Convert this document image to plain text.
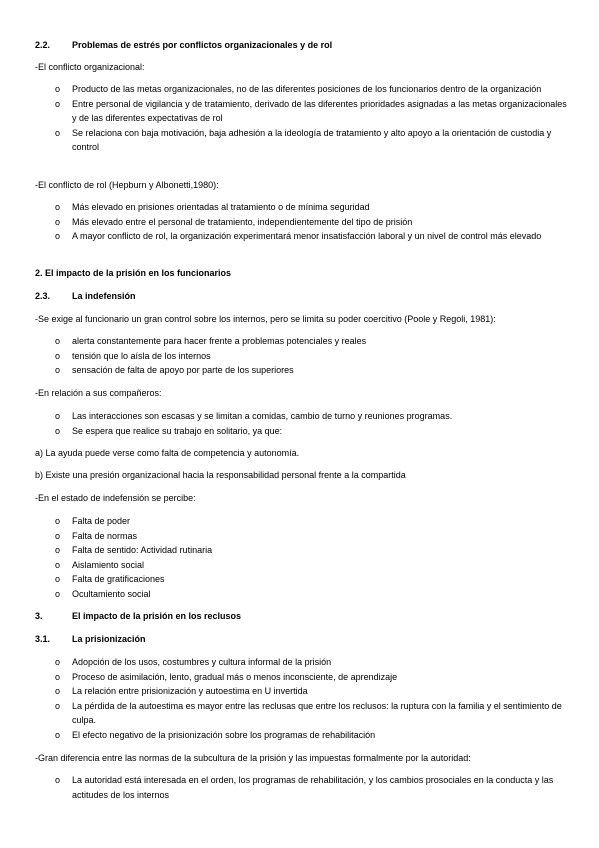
2.2. Problemas de estrés por conflictos organizacionales y de rol
-El conflicto organizacional:
o Producto de las metas organizacionales, no de las diferentes posiciones de los funcionarios dentro de la organización
o Entre personal de vigilancia y de tratamiento, derivado de las diferentes prioridades asignadas a las metas organizacionales y de las diferentes expectativas de rol
o Se relaciona con baja motivación, baja adhesión a la ideología de tratamiento y alto apoyo a la orientación de custodia y control
-El conflicto de rol (Hepburn y Albonetti,1980):
o Más elevado en prisiones orientadas al tratamiento o de mínima seguridad
o Más elevado entre el personal de tratamiento, independientemente del tipo de prisión
o A mayor conflicto de rol, la organización experimentará menor insatisfacción laboral y un nivel de control más elevado
2. El impacto de la prisión en los funcionarios
2.3. La indefensión
-Se exige al funcionario un gran control sobre los internos, pero se limita su poder coercitivo (Poole y Regoli, 1981):
o alerta constantemente para hacer frente a problemas potenciales y reales
o tensión que lo aísla de los internos
o sensación de falta de apoyo por parte de los superiores
-En relación a sus compañeros:
o Las interacciones son escasas y se limitan a comidas, cambio de turno y reuniones programas.
o Se espera que realice su trabajo en solitario, ya que:
a) La ayuda puede verse como falta de competencia y autonomía.
b) Existe una presión organizacional hacia la responsabilidad personal frente a la compartida
-En el estado de indefensión se percibe:
o Falta de poder
o Falta de normas
o Falta de sentido: Actividad rutinaria
o Aislamiento social
o Falta de gratificaciones
o Ocultamiento social
3.	El impacto de la prisión en los reclusos
3.1. La prisionización
o Adopción de los usos, costumbres y cultura informal de la prisión
o Proceso de asimilación, lento, gradual más o menos inconsciente, de aprendizaje
o La relación entre prisionización y autoestima en U invertida
o La pérdida de la autoestima es mayor entre las reclusas que entre los reclusos: la ruptura con la familia y el sentimiento de culpa.
o El efecto negativo de la prisionización sobre los programas de rehabilitación
-Gran diferencia entre las normas de la subcultura de la prisión y las impuestas formalmente por la autoridad:
o La autoridad está interesada en el orden, los programas de rehabilitación, y los cambios prosociales en la conducta y las actitudes de los internos
